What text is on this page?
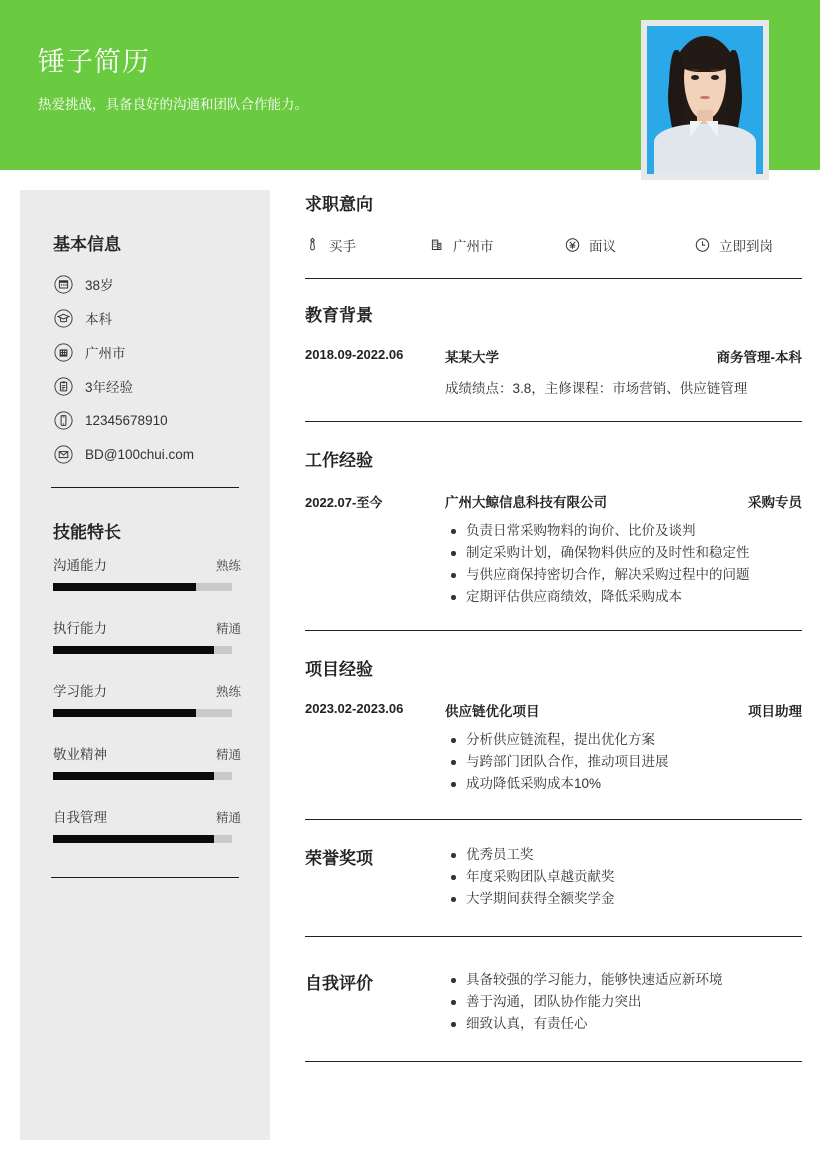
锤子简历
热爱挑战，具备良好的沟通和团队合作能力。
基本信息
38岁
本科
广州市
3年经验
12345678910
BD@100chui.com
技能特长
沟通能力	熟练
执行能力	精通
学习能力	熟练
敬业精神	精通
自我管理	精通
求职意向
买手	广州市	面议	立即到岗
教育背景
2018.09-2022.06	某某大学	商务管理-本科
成绩绩点：3.8，主修课程：市场营销、供应链管理
工作经验
2022.07-至今	广州大鲸信息科技有限公司	采购专员
负责日常采购物料的询价、比价及谈判
制定采购计划，确保物料供应的及时性和稳定性
与供应商保持密切合作，解决采购过程中的问题
定期评估供应商绩效，降低采购成本
项目经验
2023.02-2023.06	供应链优化项目	项目助理
分析供应链流程，提出优化方案
与跨部门团队合作，推动项目进展
成功降低采购成本10%
荣誉奖项	优秀员工奖
年度采购团队卓越贡献奖
大学期间获得全额奖学金
自我评价	具备较强的学习能力，能够快速适应新环境
善于沟通，团队协作能力突出
细致认真，有责任心
